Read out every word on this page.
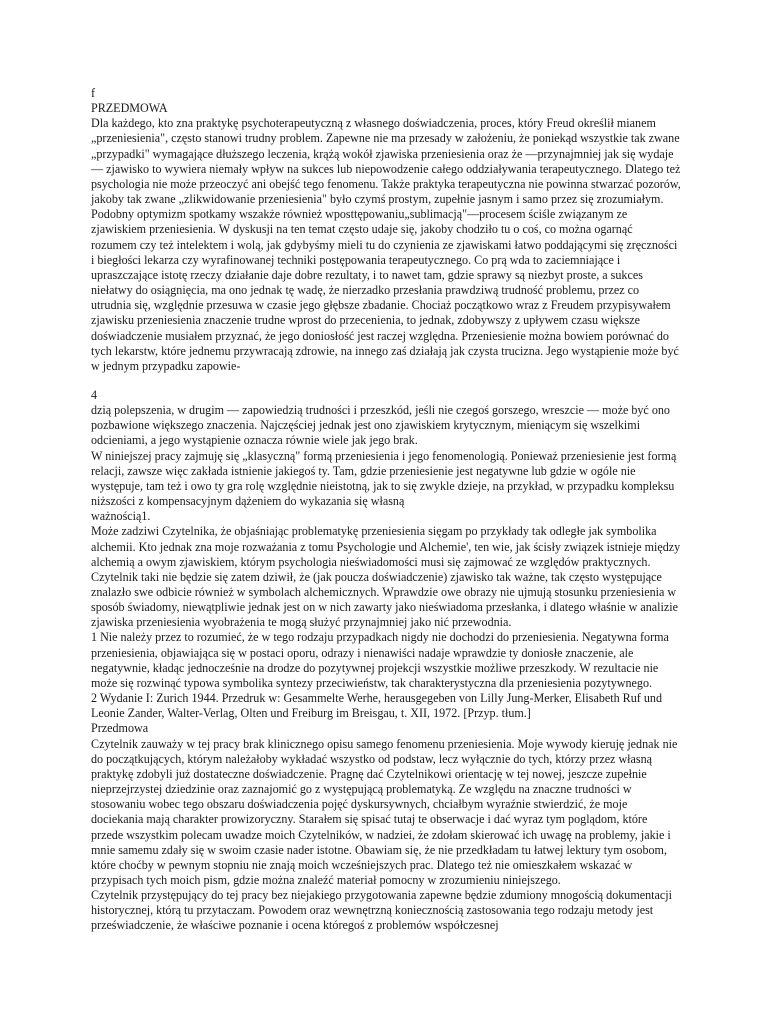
f

PRZEDMOWA

Dla każdego, kto zna praktykę psychoterapeutyczną z własnego doświadczenia, proces, który Freud określił mianem „przeniesienia", często stanowi trudny problem. Zapewne nie ma przesady w założeniu, że poniekąd wszystkie tak zwane „przypadki" wymagające dłuższego leczenia, krążą wokół zjawiska przeniesienia oraz że —przynajmniej jak się wydaje — zjawisko to wywiera niemały wpływ na sukces lub niepowodzenie całego oddziaływania terapeutycznego. Dlatego też psychologia nie może przeoczyć ani obejść tego fenomenu. Także praktyka terapeutyczna nie powinna stwarzać pozorów, jakoby tak zwane „zlikwidowanie przeniesienia" było czymś prostym, zupełnie jasnym i samo przez się zrozumiałym. Podobny optymizm spotkamy wszakże również wposttępowaniu„sublimacją"—procesem ściśle związanym ze zjawiskiem przeniesienia. W dyskusji na ten temat często udaje się, jakoby chodziło tu o coś, co można ogarnąć rozumem czy też intelektem i wolą, jak gdybyśmy mieli tu do czynienia ze zjawiskami łatwo poddającymi się zręczności i biegłości lekarza czy wyrafinowanej techniki postępowania terapeutycznego. Co prą wda to zaciemniające i upraszczające istotę rzeczy działanie daje dobre rezultaty, i to nawet tam, gdzie sprawy są niezbyt proste, a sukces niełatwy do osiągnięcia, ma ono jednak tę wadę, że nierzadko przesłania prawdziwą trudność problemu, przez co utrudnia się, względnie przesuwa w czasie jego głębsze zbadanie. Chociaż początkowo wraz z Freudem przypisywałem zjawisku przeniesienia znaczenie trudne wprost do przecenienia, to jednak, zdobywszy z upływem czasu większe doświadczenie musiałem przyznać, że jego doniosłość jest raczej względna. Przeniesienie można bowiem porównać do tych lekarstw, które jednemu przywracają zdrowie, na innego zaś działają jak czysta trucizna. Jego wystąpienie może być w jednym przypadku zapowie-

4

dzią polepszenia, w drugim — zapowiedzią trudności i przeszkód, jeśli nie czegoś gorszego, wreszcie — może być ono pozbawione większego znaczenia. Najczęściej jednak jest ono zjawiskiem krytycznym, mieniącym się wszelkimi odcieniami, a jego wystąpienie oznacza równie wiele jak jego brak.

W niniejszej pracy zajmuję się „klasyczną" formą przeniesienia i jego fenomenologią. Ponieważ przeniesienie jest formą relacji, zawsze więc zakłada istnienie jakiegoś ty. Tam, gdzie przeniesienie jest negatywne lub gdzie w ogóle nie występuje, tam też i owo ty gra rolę względnie nieistotną, jak to się zwykle dzieje, na przykład, w przypadku kompleksu niższości z kompensacyjnym dążeniem do wykazania się własną

ważnością1.

Może zadziwi Czytelnika, że objaśniając problematykę przeniesienia sięgam po przykłady tak odległe jak symbolika alchemii. Kto jednak zna moje rozważania z tomu Psychologie und Alchemie', ten wie, jak ścisły związek istnieje między alchemią a owym zjawiskiem, którym psychologia nieświadomości musi się zajmować ze względów praktycznych. Czytelnik taki nie będzie się zatem dziwił, że (jak poucza doświadczenie) zjawisko tak ważne, tak często występujące znalazło swe odbicie również w symbolach alchemicznych. Wprawdzie owe obrazy nie ujmują stosunku przeniesienia w sposób świadomy, niewątpliwie jednak jest on w nich zawarty jako nieświadoma przesłanka, i dlatego właśnie w analizie zjawiska przeniesienia wyobrażenia te mogą służyć przynajmniej jako nić przewodnia.

1 Nie należy przez to rozumieć, że w tego rodzaju przypadkach nigdy nie dochodzi do przeniesienia. Negatywna forma przeniesienia, objawiająca się w postaci oporu, odrazy i nienawiści nadaje wprawdzie ty doniosłe znaczenie, ale negatywnie, kładąc jednocześnie na drodze do pozytywnej projekcji wszystkie możliwe przeszkody. W rezultacie nie może się rozwinąć typowa symbolika syntezy przeciwieństw, tak charakterystyczna dla przeniesienia pozytywnego.

2 Wydanie I: Zurich 1944. Przedruk w: Gesammelte Werhe, herausgegeben von Lilly Jung-Merker, Elisabeth Ruf und Leonie Zander, Walter-Verlag, Olten und Freiburg im Breisgau, t. XII, 1972. [Przyp. tłum.]

Przedmowa

Czytelnik zauważy w tej pracy brak klinicznego opisu samego fenomenu przeniesienia. Moje wywody kieruję jednak nie do początkujących, którym należałoby wykładać wszystko od podstaw, lecz wyłącznie do tych, którzy przez własną praktykę zdobyli już dostateczne doświadczenie. Pragnę dać Czytelnikowi orientację w tej nowej, jeszcze zupełnie nieprzejrzystej dziedzinie oraz zaznajomić go z występującą problematyką. Ze względu na znaczne trudności w stosowaniu wobec tego obszaru doświadczenia pojęć dyskursywnych, chciałbym wyraźnie stwierdzić, że moje dociekania mają charakter prowizoryczny. Starałem się spisać tutaj te obserwacje i dać wyraz tym poglądom, które przede wszystkim polecam uwadze moich Czytelników, w nadziei, że zdołam skierować ich uwagę na problemy, jakie i mnie samemu zdały się w swoim czasie nader istotne. Obawiam się, że nie przedkładam tu łatwej lektury tym osobom, które choćby w pewnym stopniu nie znają moich wcześniejszych prac. Dlatego też nie omieszkałem wskazać w przypisach tych moich pism, gdzie można znaleźć materiał pomocny w zrozumieniu niniejszego.

Czytelnik przystępujący do tej pracy bez niejakiego przygotowania zapewne będzie zdumiony mnogością dokumentacji historycznej, którą tu przytaczam. Powodem oraz wewnętrzną koniecznością zastosowania tego rodzaju metody jest przeświadczenie, że właściwe poznanie i ocena któregoś z problemów współczesnej
